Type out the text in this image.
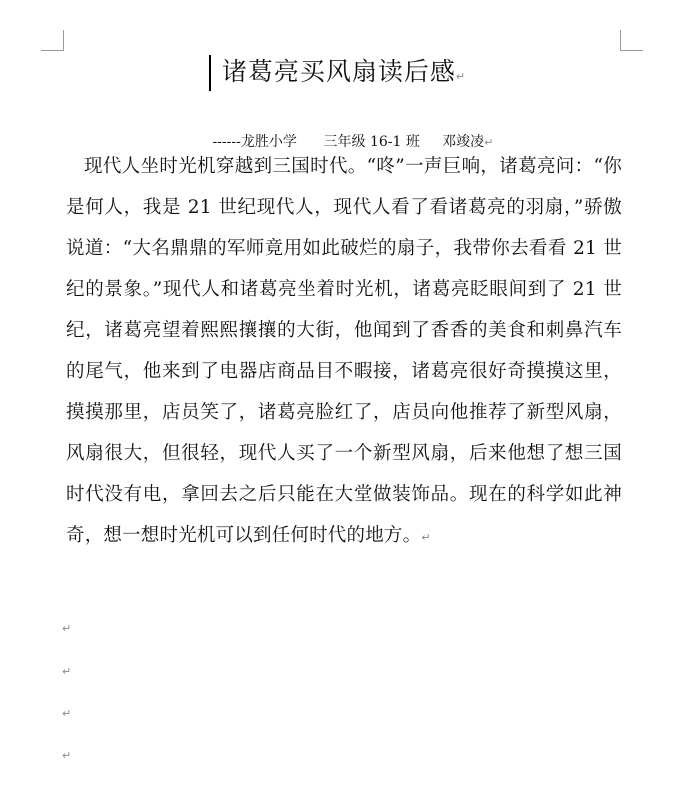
诸葛亮买风扇读后感↵

------龙胜小学      三年级 16-1 班     邓竣凌↵

现代人坐时光机穿越到三国时代。“咚”一声巨响，诸葛亮问：“你是何人，我是 21 世纪现代人，现代人看了看诸葛亮的羽扇，”骄傲说道：“大名鼎鼎的军师竟用如此破烂的扇子，我带你去看看 21 世纪的景象。”现代人和诸葛亮坐着时光机，诸葛亮眨眼间到了 21 世纪，诸葛亮望着熙熙攘攘的大街，他闻到了香香的美食和刺鼻汽车的尾气，他来到了电器店商品目不暇接，诸葛亮很好奇摸摸这里，摸摸那里，店员笑了，诸葛亮脸红了，店员向他推荐了新型风扇，风扇很大，但很轻，现代人买了一个新型风扇，后来他想了想三国时代没有电，拿回去之后只能在大堂做装饰品。现在的科学如此神奇，想一想时光机可以到任何时代的地方。↵
↵
↵
↵
↵
